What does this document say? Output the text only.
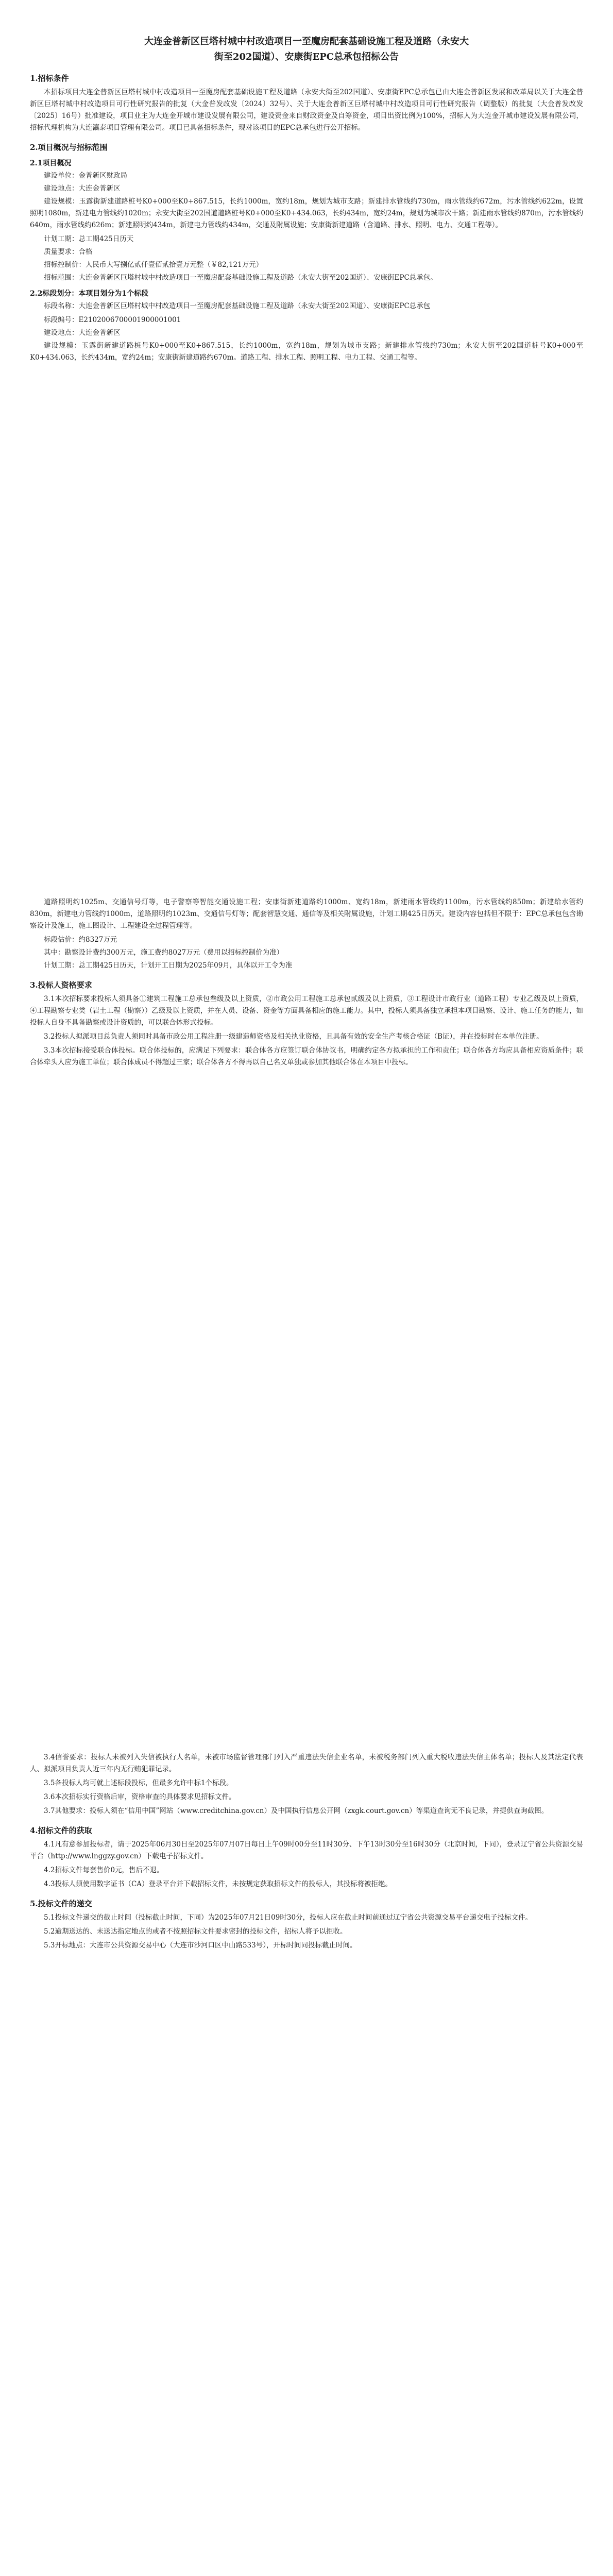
大连金普新区巨塔村城中村改造项目一至魔房配套基础设施工程及道路（永安大
街至202国道）、安康街EPC总承包招标公告
1.招标条件

本招标项目大连金普新区巨塔村城中村改造项目一至魔房配套基础设施工程及道路（永安大街至202国道）、安康街EPC总承包已由大连金普新区发展和改革局以关于大连金普新区巨塔村城中村改造项目可行性研究报告的批复（大金普发改发〔2024〕32号）、关于大连金普新区巨塔村城中村改造项目可行性研究报告（调整版）的批复（大金普发改发〔2025〕16号）批准建设，项目业主为大连金开城市建设发展有限公司，建设资金来自财政资金及自筹资金，项目出资比例为100%，招标人为大连金开城市建设发展有限公司，招标代理机构为大连瀛泰项目管理有限公司。项目已具备招标条件，现对该项目的EPC总承包进行公开招标。

2.项目概况与招标范围
2.1项目概况
建设单位：金普新区财政局
建设地点：大连金普新区

建设规模：玉露街新建道路桩号K0+000至K0+867.515，长约1000m，宽约18m，规划为城市支路；新建排水管线约730m，雨水管线约672m，污水管线约622m，设置照明1080m，新建电力管线约1020m；永安大街至202国道道路桩号K0+000至K0+434.063，长约434m，宽约24m，规划为城市次干路；新建雨水管线约870m，污水管线约640m，雨水管线约626m；新建照明约434m，新建电力管线约434m，交通及附属设施；安康街新建道路（含道路、排水、照明、电力、交通工程等）。

计划工期：总工期425日历天
质量要求：合格
招标控制价：人民币大写捌亿贰仟壹佰贰拾壹万元整（￥82,121万元）

招标范围：大连金普新区巨塔村城中村改造项目一至魔房配套基础设施工程及道路（永安大街至202国道）、安康街EPC总承包。

2.2标段划分：本项目划分为1个标段

标段名称：大连金普新区巨塔村城中村改造项目一至魔房配套基础设施工程及道路（永安大街至202国道）、安康街EPC总承包

标段编号：E2102006700001900001001
建设地点：大连金普新区

建设规模：玉露街新建道路桩号K0+000至K0+867.515，长约1000m，宽约18m，规划为城市支路；新建排水管线约730m；永安大街至202国道桩号K0+000至K0+434.063，长约434m，宽约24m；安康街新建道路约670m。道路工程、排水工程、照明工程、电力工程、交通工程等。

道路照明约1025m、交通信号灯等，电子警察等智能交通设施工程；安康街新建道路约1000m、宽约18m，新建雨水管线约1100m，污水管线约850m；新建给水管约830m，新建电力管线约1000m，道路照明约1023m、交通信号灯等；配套智慧交通、通信等及相关附属设施，计划工期425日历天。建设内容包括但不限于：EPC总承包包含勘察设计及施工，施工图设计、工程建设全过程管理等。

标段估价：约8327万元
其中：勘察设计费约300万元，施工费约8027万元（费用以招标控制价为准）
计划工期：总工期425日历天，计划开工日期为2025年09月，具体以开工令为准
3.投标人资格要求

3.1本次招标要求投标人须具备①建筑工程施工总承包叁级及以上资质，②市政公用工程施工总承包贰级及以上资质，③工程设计市政行业（道路工程）专业乙级及以上资质，④工程勘察专业类（岩土工程（勘察））乙级及以上资质，并在人员、设备、资金等方面具备相应的施工能力。其中，投标人须具备独立承担本项目勘察、设计、施工任务的能力，如投标人自身不具备勘察或设计资质的，可以联合体形式投标。

3.2投标人拟派项目总负责人须同时具备市政公用工程注册一级建造师资格及相关执业资格，且具备有效的安全生产考核合格证（B证），并在投标时在本单位注册。

3.3本次招标接受联合体投标。联合体投标的，应满足下列要求：联合体各方应签订联合体协议书，明确约定各方拟承担的工作和责任；联合体各方均应具备相应资质条件；联合体牵头人应为施工单位；联合体成员不得超过三家；联合体各方不得再以自己名义单独或参加其他联合体在本项目中投标。

3.4信誉要求：投标人未被列入失信被执行人名单，未被市场监督管理部门列入严重违法失信企业名单，未被税务部门列入重大税收违法失信主体名单；投标人及其法定代表人、拟派项目负责人近三年内无行贿犯罪记录。

3.5各投标人均可就上述标段投标，但最多允许中标1个标段。

3.6本次招标实行资格后审，资格审查的具体要求见招标文件。

3.7其他要求：投标人须在“信用中国”网站（www.creditchina.gov.cn）及中国执行信息公开网（zxgk.court.gov.cn）等渠道查询无不良记录，并提供查询截图。

4.招标文件的获取

4.1凡有意参加投标者，请于2025年06月30日至2025年07月07日每日上午09时00分至11时30分、下午13时30分至16时30分（北京时间，下同），登录辽宁省公共资源交易平台（http://www.lnggzy.gov.cn）下载电子招标文件。

4.2招标文件每套售价0元，售后不退。

4.3投标人须使用数字证书（CA）登录平台并下载招标文件，未按规定获取招标文件的投标人，其投标将被拒绝。

5.投标文件的递交

5.1投标文件递交的截止时间（投标截止时间，下同）为2025年07月21日09时30分，投标人应在截止时间前通过辽宁省公共资源交易平台递交电子投标文件。

5.2逾期送达的、未送达指定地点的或者不按照招标文件要求密封的投标文件，招标人将予以拒收。

5.3开标地点：大连市公共资源交易中心（大连市沙河口区中山路533号），开标时间同投标截止时间。
